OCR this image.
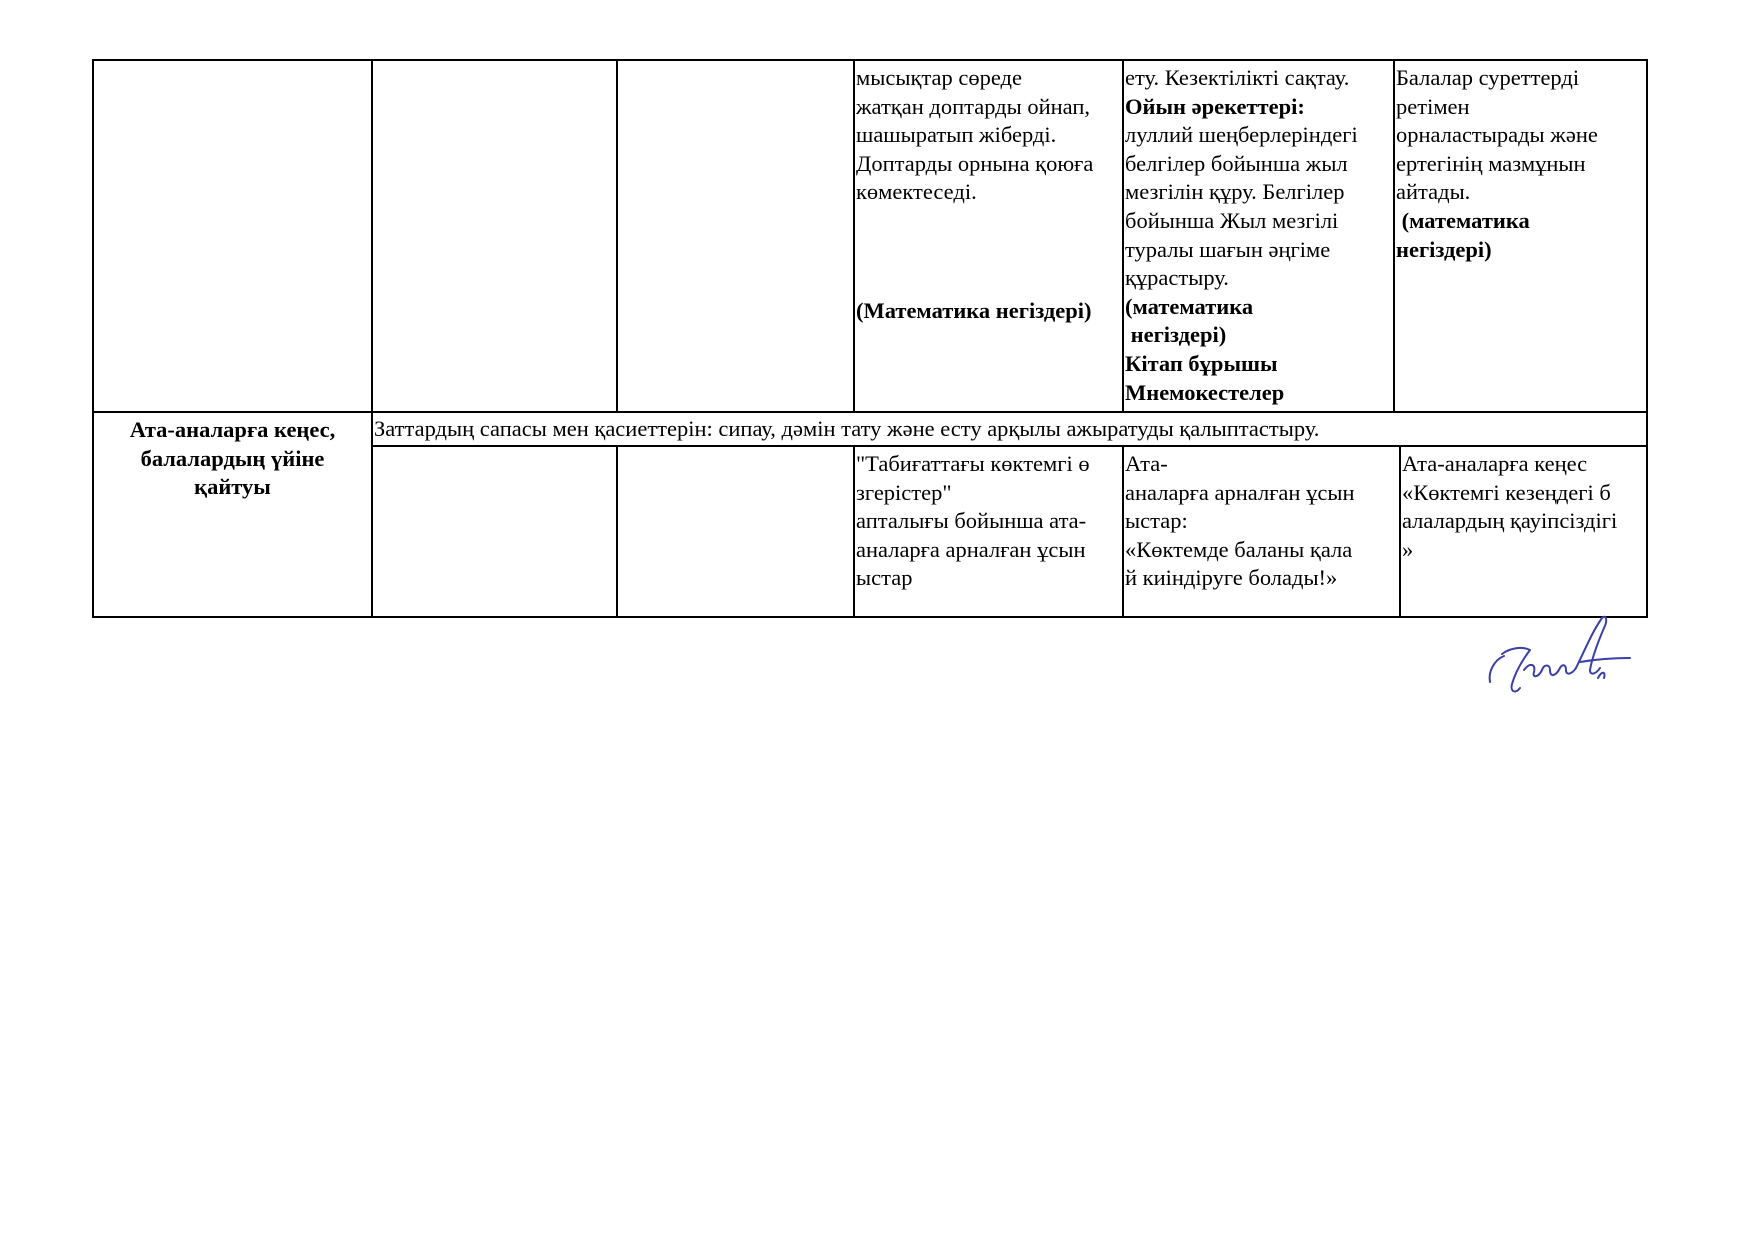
мысықтар сөреде
жатқан доптарды ойнап,
шашыратып жіберді.
Доптарды орнына қоюға
көмектеседі.
(Математика негіздері)
ету. Кезектілікті сақтау.
Ойын әрекеттері:
луллий шеңберлеріндегі
белгілер бойынша жыл
мезгілін құру. Белгілер
бойынша Жыл мезгілі
туралы шағын әңгіме
құрастыру.
(математика
негіздері)
Кітап бұрышы
Мнемокестелер
Балалар суреттерді
ретімен
орналастырады және
ертегінің мазмұнын
айтады.
(математика
негіздері)
Ата-аналарға кеңес,
балалардың үйіне
қайтуы
Заттардың сапасы мен қасиеттерін: сипау, дәмін тату және есту арқылы ажыратуды қалыптастыру.
"Табиғаттағы көктемгі ө
згерістер"
апталығы бойынша ата-
аналарға арналған ұсын
ыстар
Ата-
аналарға арналған ұсын
ыстар:
«Көктемде баланы қала
й киіндіруге болады!»
Ата-аналарға кеңес
«Көктемгі кезеңдегі б
алалардың қауіпсіздігі
»
